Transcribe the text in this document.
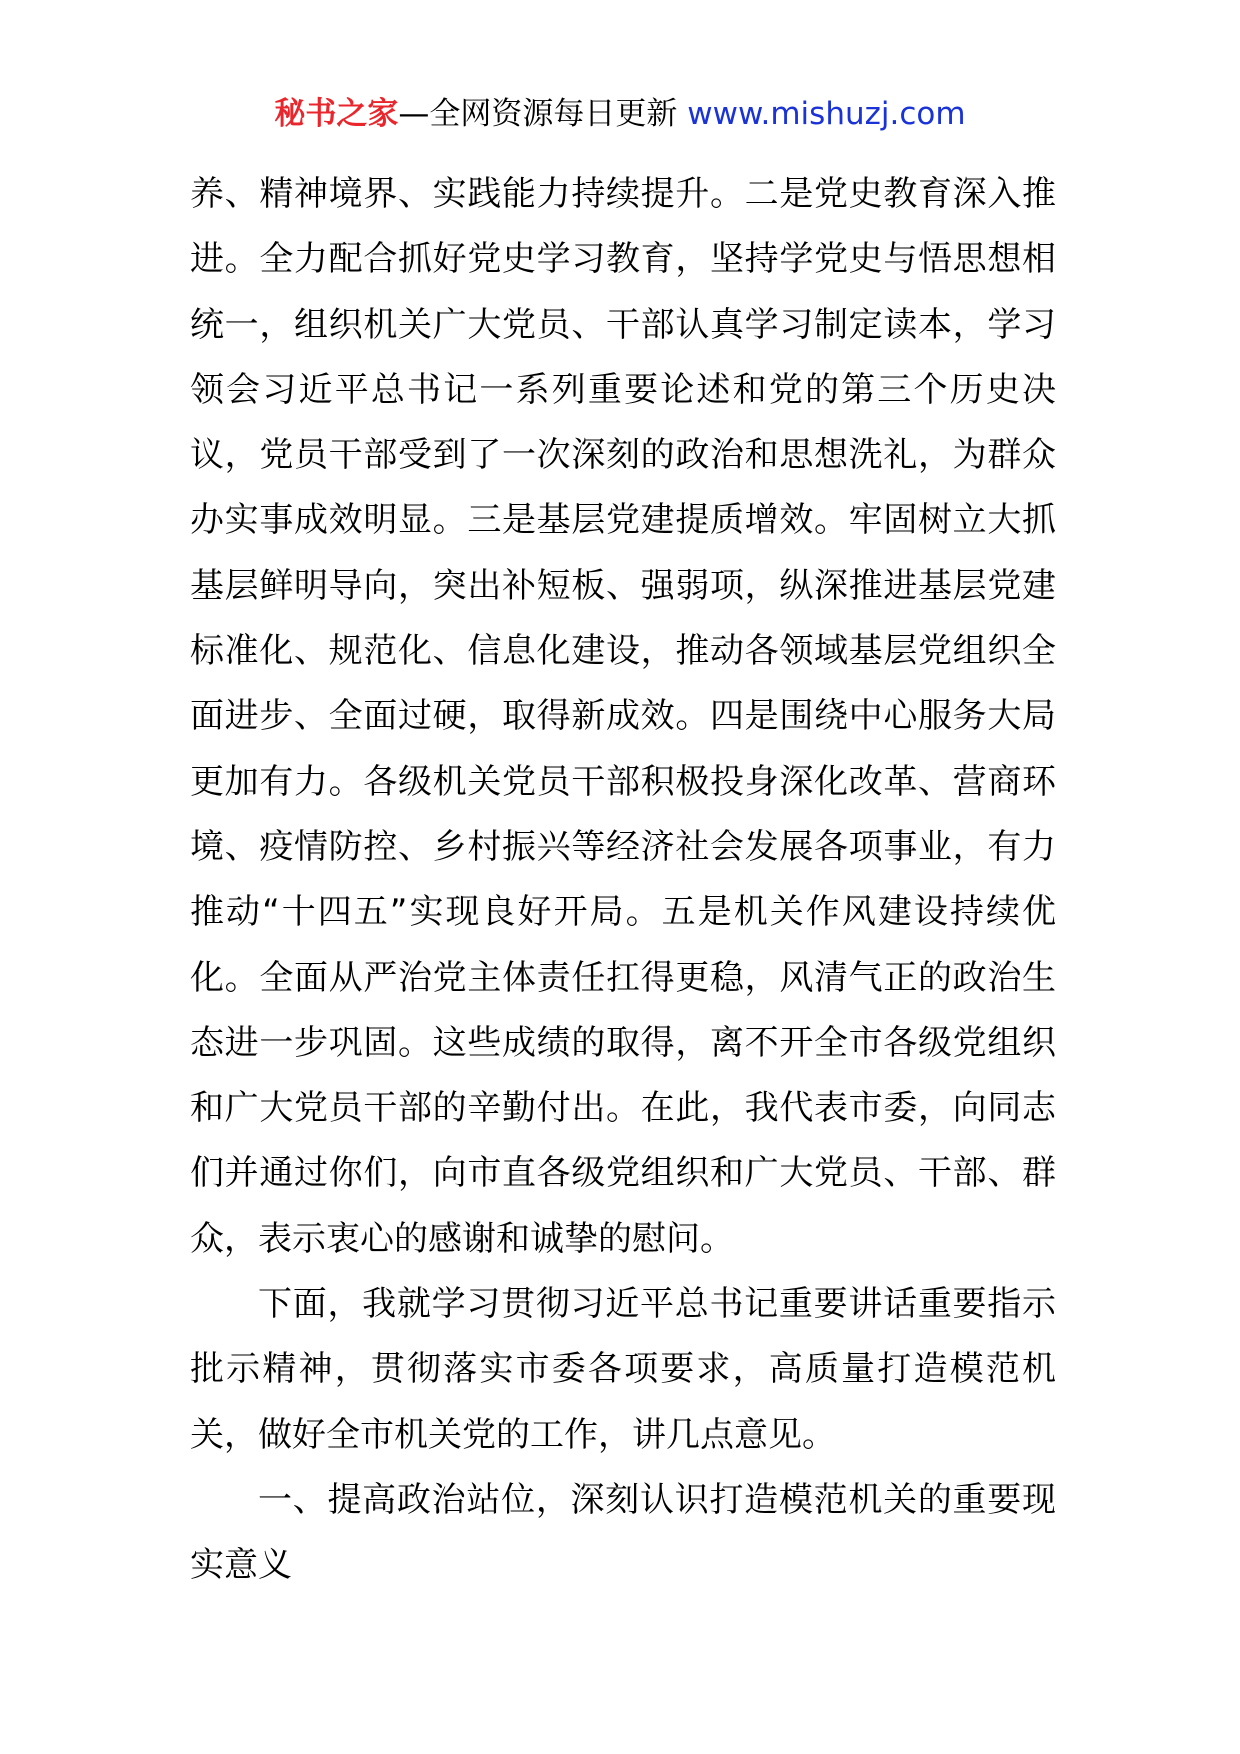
秘书之家—全网资源每日更新 www.mishuzj.com

养、精神境界、实践能力持续提升。二是党史教育深入推进。全力配合抓好党史学习教育，坚持学党史与悟思想相统一，组织机关广大党员、干部认真学习制定读本，学习领会习近平总书记一系列重要论述和党的第三个历史决议，党员干部受到了一次深刻的政治和思想洗礼，为群众办实事成效明显。三是基层党建提质增效。牢固树立大抓基层鲜明导向，突出补短板、强弱项，纵深推进基层党建标准化、规范化、信息化建设，推动各领域基层党组织全面进步、全面过硬，取得新成效。四是围绕中心服务大局更加有力。各级机关党员干部积极投身深化改革、营商环境、疫情防控、乡村振兴等经济社会发展各项事业，有力推动“十四五”实现良好开局。五是机关作风建设持续优化。全面从严治党主体责任扛得更稳，风清气正的政治生态进一步巩固。这些成绩的取得，离不开全市各级党组织和广大党员干部的辛勤付出。在此，我代表市委，向同志们并通过你们，向市直各级党组织和广大党员、干部、群众，表示衷心的感谢和诚挚的慰问。

下面，我就学习贯彻习近平总书记重要讲话重要指示批示精神，贯彻落实市委各项要求，高质量打造模范机关，做好全市机关党的工作，讲几点意见。

一、提高政治站位，深刻认识打造模范机关的重要现实意义
